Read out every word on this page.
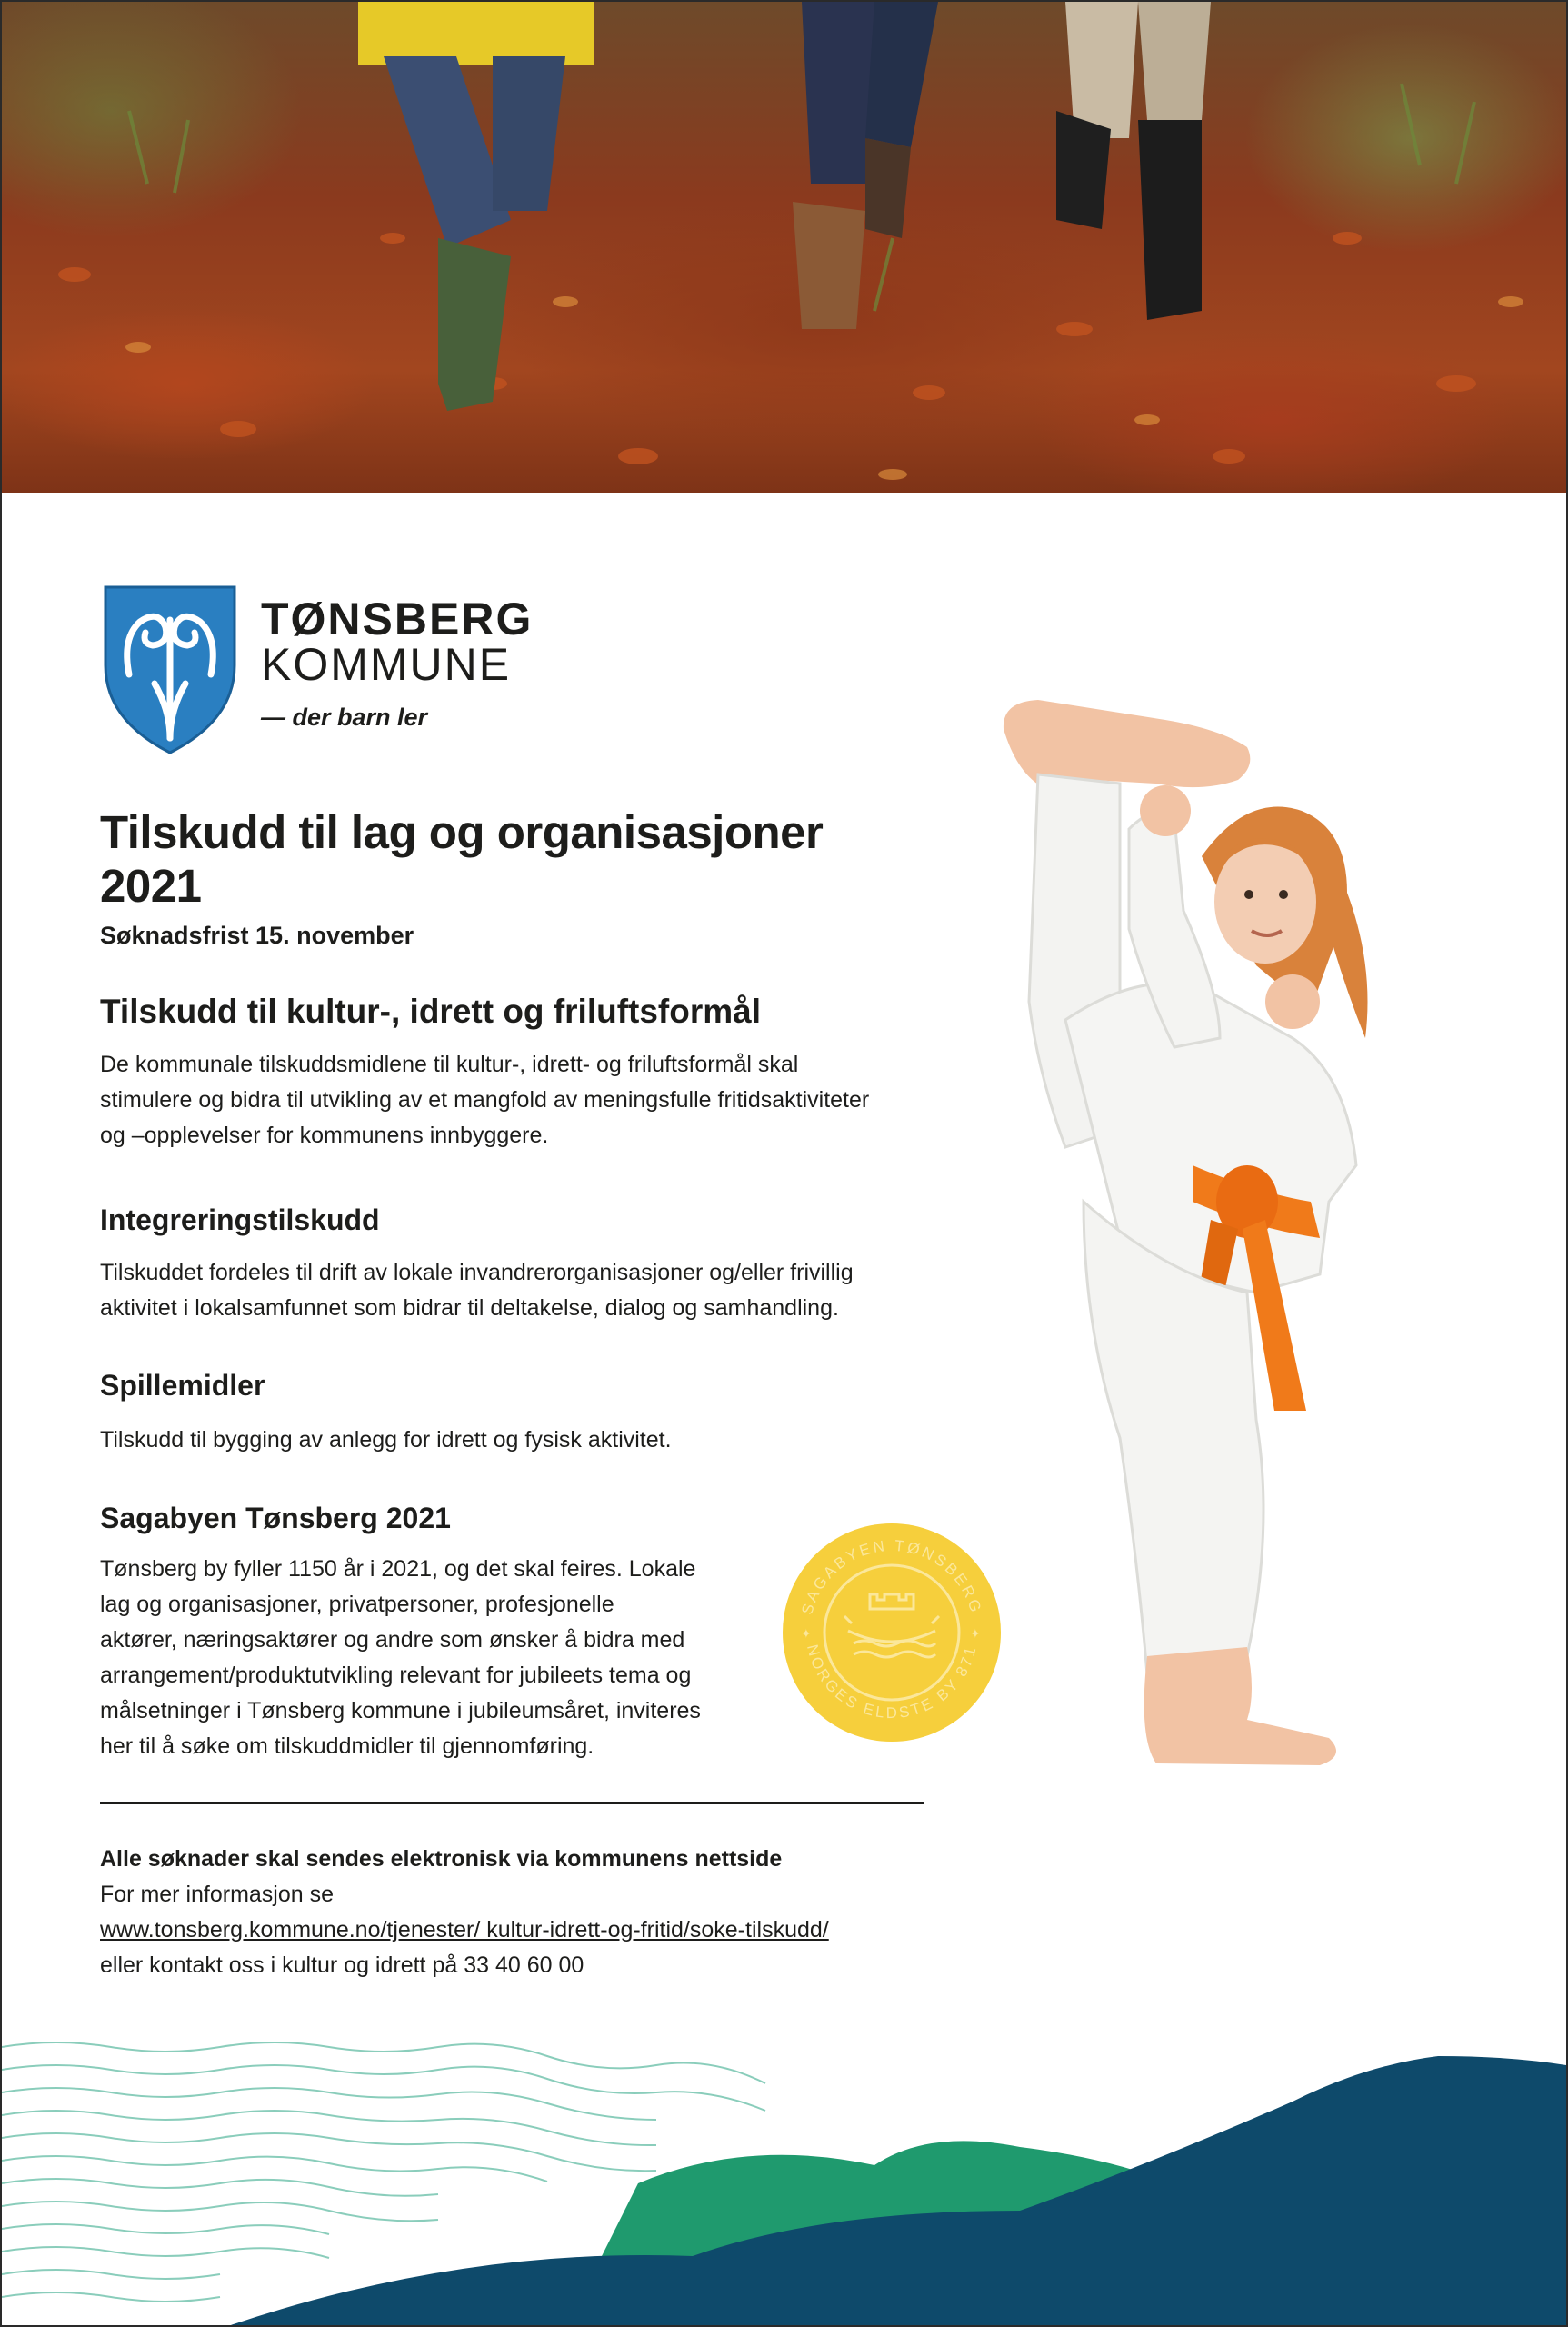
TØNSBERG
KOMMUNE
— der barn ler
Tilskudd til lag og organisasjoner 2021
Søknadsfrist 15. november
Tilskudd til kultur-, idrett og friluftsformål

De kommunale tilskuddsmidlene til kultur-, idrett- og friluftsformål skal

stimulere og bidra til utvikling av et mangfold av meningsfulle fritidsaktiviteter

og –opplevelser for kommunens innbyggere.

Integreringstilskudd

Tilskuddet fordeles til drift av lokale invandrerorganisasjoner og/eller frivillig

aktivitet i lokalsamfunnet som bidrar til deltakelse, dialog og samhandling.

Spillemidler

Tilskudd til bygging av anlegg for idrett og fysisk aktivitet.

Sagabyen Tønsberg 2021

Tønsberg by fyller 1150 år i 2021, og det skal feires. Lokale

lag og organisasjoner, privatpersoner, profesjonelle

aktører, næringsaktører og andre som ønsker å bidra med

arrangement/produktutvikling relevant for jubileets tema og

målsetninger i Tønsberg kommune i jubileumsåret, inviteres

her til å søke om tilskuddmidler til gjennomføring.

SAGABYEN TØNSBERG
NORGES ELDSTE BY 871
✦	✦
Alle søknader skal sendes elektronisk via kommunens nettside
For mer informasjon se
www.tonsberg.kommune.no/tjenester/ kultur-idrett-og-fritid/soke-tilskudd/
eller kontakt oss i kultur og idrett på 33 40 60 00
